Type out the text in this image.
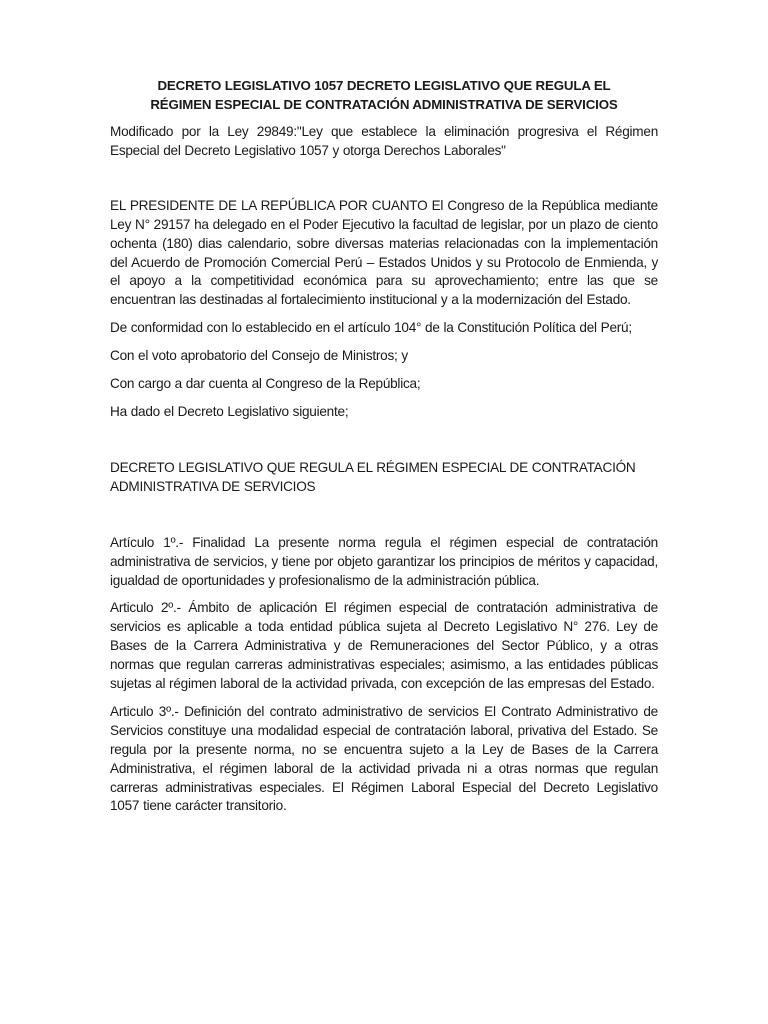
DECRETO LEGISLATIVO 1057 DECRETO LEGISLATIVO QUE REGULA EL
RÉGIMEN ESPECIAL DE CONTRATACIÓN ADMINISTRATIVA DE SERVICIOS

Modificado por la Ley 29849:"Ley que establece la eliminación progresiva el Régimen Especial del Decreto Legislativo 1057 y otorga Derechos Laborales"

EL PRESIDENTE DE LA REPÚBLICA POR CUANTO El Congreso de la República mediante Ley N° 29157 ha delegado en el Poder Ejecutivo la facultad de legislar, por un plazo de ciento ochenta (180) dias calendario, sobre diversas materias relacionadas con la implementación del Acuerdo de Promoción Comercial Perú – Estados Unidos y su Protocolo de Enmienda, y el apoyo a la competitividad económica para su aprovechamiento; entre las que se encuentran las destinadas al fortalecimiento institucional y a la modernización del Estado.

De conformidad con lo establecido en el artículo 104° de la Constitución Política del Perú;

Con el voto aprobatorio del Consejo de Ministros; y

Con cargo a dar cuenta al Congreso de la República;

Ha dado el Decreto Legislativo siguiente;

DECRETO LEGISLATIVO QUE REGULA EL RÉGIMEN ESPECIAL DE CONTRATACIÓN ADMINISTRATIVA DE SERVICIOS

Artículo 1º.- Finalidad La presente norma regula el régimen especial de contratación administrativa de servicios, y tiene por objeto garantizar los principios de méritos y capacidad, igualdad de oportunidades y profesionalismo de la administración pública.

Articulo 2º.- Ámbito de aplicación El régimen especial de contratación administrativa de servicios es aplicable a toda entidad pública sujeta al Decreto Legislativo N° 276. Ley de Bases de la Carrera Administrativa y de Remuneraciones del Sector Público, y a otras normas que regulan carreras administrativas especiales; asimismo, a las entidades públicas sujetas al régimen laboral de la actividad privada, con excepción de las empresas del Estado.

Articulo 3º.- Definición del contrato administrativo de servicios El Contrato Administrativo de Servicios constituye una modalidad especial de contratación laboral, privativa del Estado. Se regula por la presente norma, no se encuentra sujeto a la Ley de Bases de la Carrera Administrativa, el régimen laboral de la actividad privada ni a otras normas que regulan carreras administrativas especiales. El Régimen Laboral Especial del Decreto Legislativo 1057 tiene carácter transitorio.
